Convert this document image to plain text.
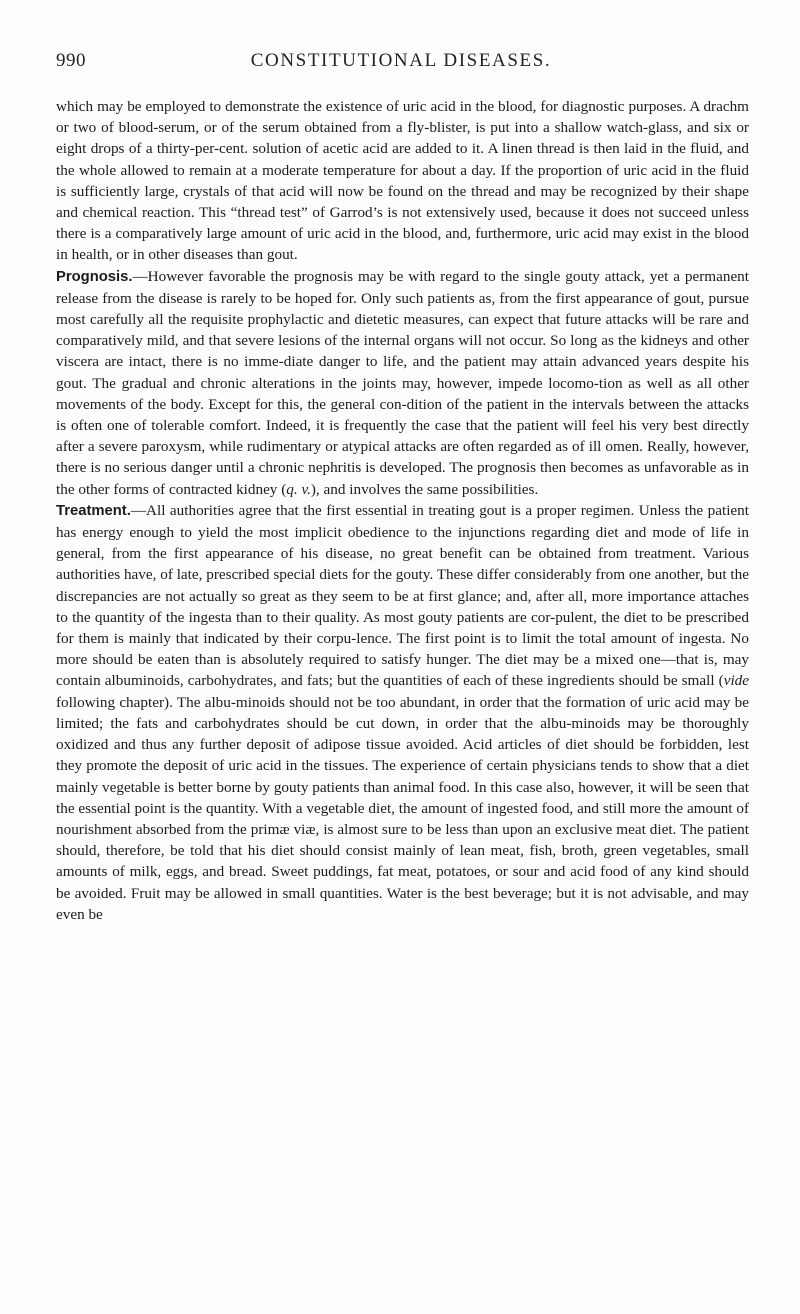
990	CONSTITUTIONAL DISEASES.

which may be employed to demonstrate the existence of uric acid in the blood, for diagnostic purposes. A drachm or two of blood-serum, or of the serum obtained from a fly-blister, is put into a shallow watch-glass, and six or eight drops of a thirty-per-cent. solution of acetic acid are added to it. A linen thread is then laid in the fluid, and the whole allowed to remain at a moderate temperature for about a day. If the proportion of uric acid in the fluid is sufficiently large, crystals of that acid will now be found on the thread and may be recognized by their shape and chemical reaction. This “thread test” of Garrod’s is not extensively used, because it does not succeed unless there is a comparatively large amount of uric acid in the blood, and, furthermore, uric acid may exist in the blood in health, or in other diseases than gout.

Prognosis.—However favorable the prognosis may be with regard to the single gouty attack, yet a permanent release from the disease is rarely to be hoped for. Only such patients as, from the first appearance of gout, pursue most carefully all the requisite prophylactic and dietetic measures, can expect that future attacks will be rare and comparatively mild, and that severe lesions of the internal organs will not occur. So long as the kidneys and other viscera are intact, there is no imme-diate danger to life, and the patient may attain advanced years despite his gout. The gradual and chronic alterations in the joints may, however, impede locomo-tion as well as all other movements of the body. Except for this, the general con-dition of the patient in the intervals between the attacks is often one of tolerable comfort. Indeed, it is frequently the case that the patient will feel his very best directly after a severe paroxysm, while rudimentary or atypical attacks are often regarded as of ill omen. Really, however, there is no serious danger until a chronic nephritis is developed. The prognosis then becomes as unfavorable as in the other forms of contracted kidney (q. v.), and involves the same possibilities.

Treatment.—All authorities agree that the first essential in treating gout is a proper regimen. Unless the patient has energy enough to yield the most implicit obedience to the injunctions regarding diet and mode of life in general, from the first appearance of his disease, no great benefit can be obtained from treatment. Various authorities have, of late, prescribed special diets for the gouty. These differ considerably from one another, but the discrepancies are not actually so great as they seem to be at first glance; and, after all, more importance attaches to the quantity of the ingesta than to their quality. As most gouty patients are cor-pulent, the diet to be prescribed for them is mainly that indicated by their corpu-lence. The first point is to limit the total amount of ingesta. No more should be eaten than is absolutely required to satisfy hunger. The diet may be a mixed one—that is, may contain albuminoids, carbohydrates, and fats; but the quantities of each of these ingredients should be small (vide following chapter). The albu-minoids should not be too abundant, in order that the formation of uric acid may be limited; the fats and carbohydrates should be cut down, in order that the albu-minoids may be thoroughly oxidized and thus any further deposit of adipose tissue avoided. Acid articles of diet should be forbidden, lest they promote the deposit of uric acid in the tissues. The experience of certain physicians tends to show that a diet mainly vegetable is better borne by gouty patients than animal food. In this case also, however, it will be seen that the essential point is the quantity. With a vegetable diet, the amount of ingested food, and still more the amount of nourishment absorbed from the primæ viæ, is almost sure to be less than upon an exclusive meat diet. The patient should, therefore, be told that his diet should consist mainly of lean meat, fish, broth, green vegetables, small amounts of milk, eggs, and bread. Sweet puddings, fat meat, potatoes, or sour and acid food of any kind should be avoided. Fruit may be allowed in small quantities. Water is the best beverage; but it is not advisable, and may even be
